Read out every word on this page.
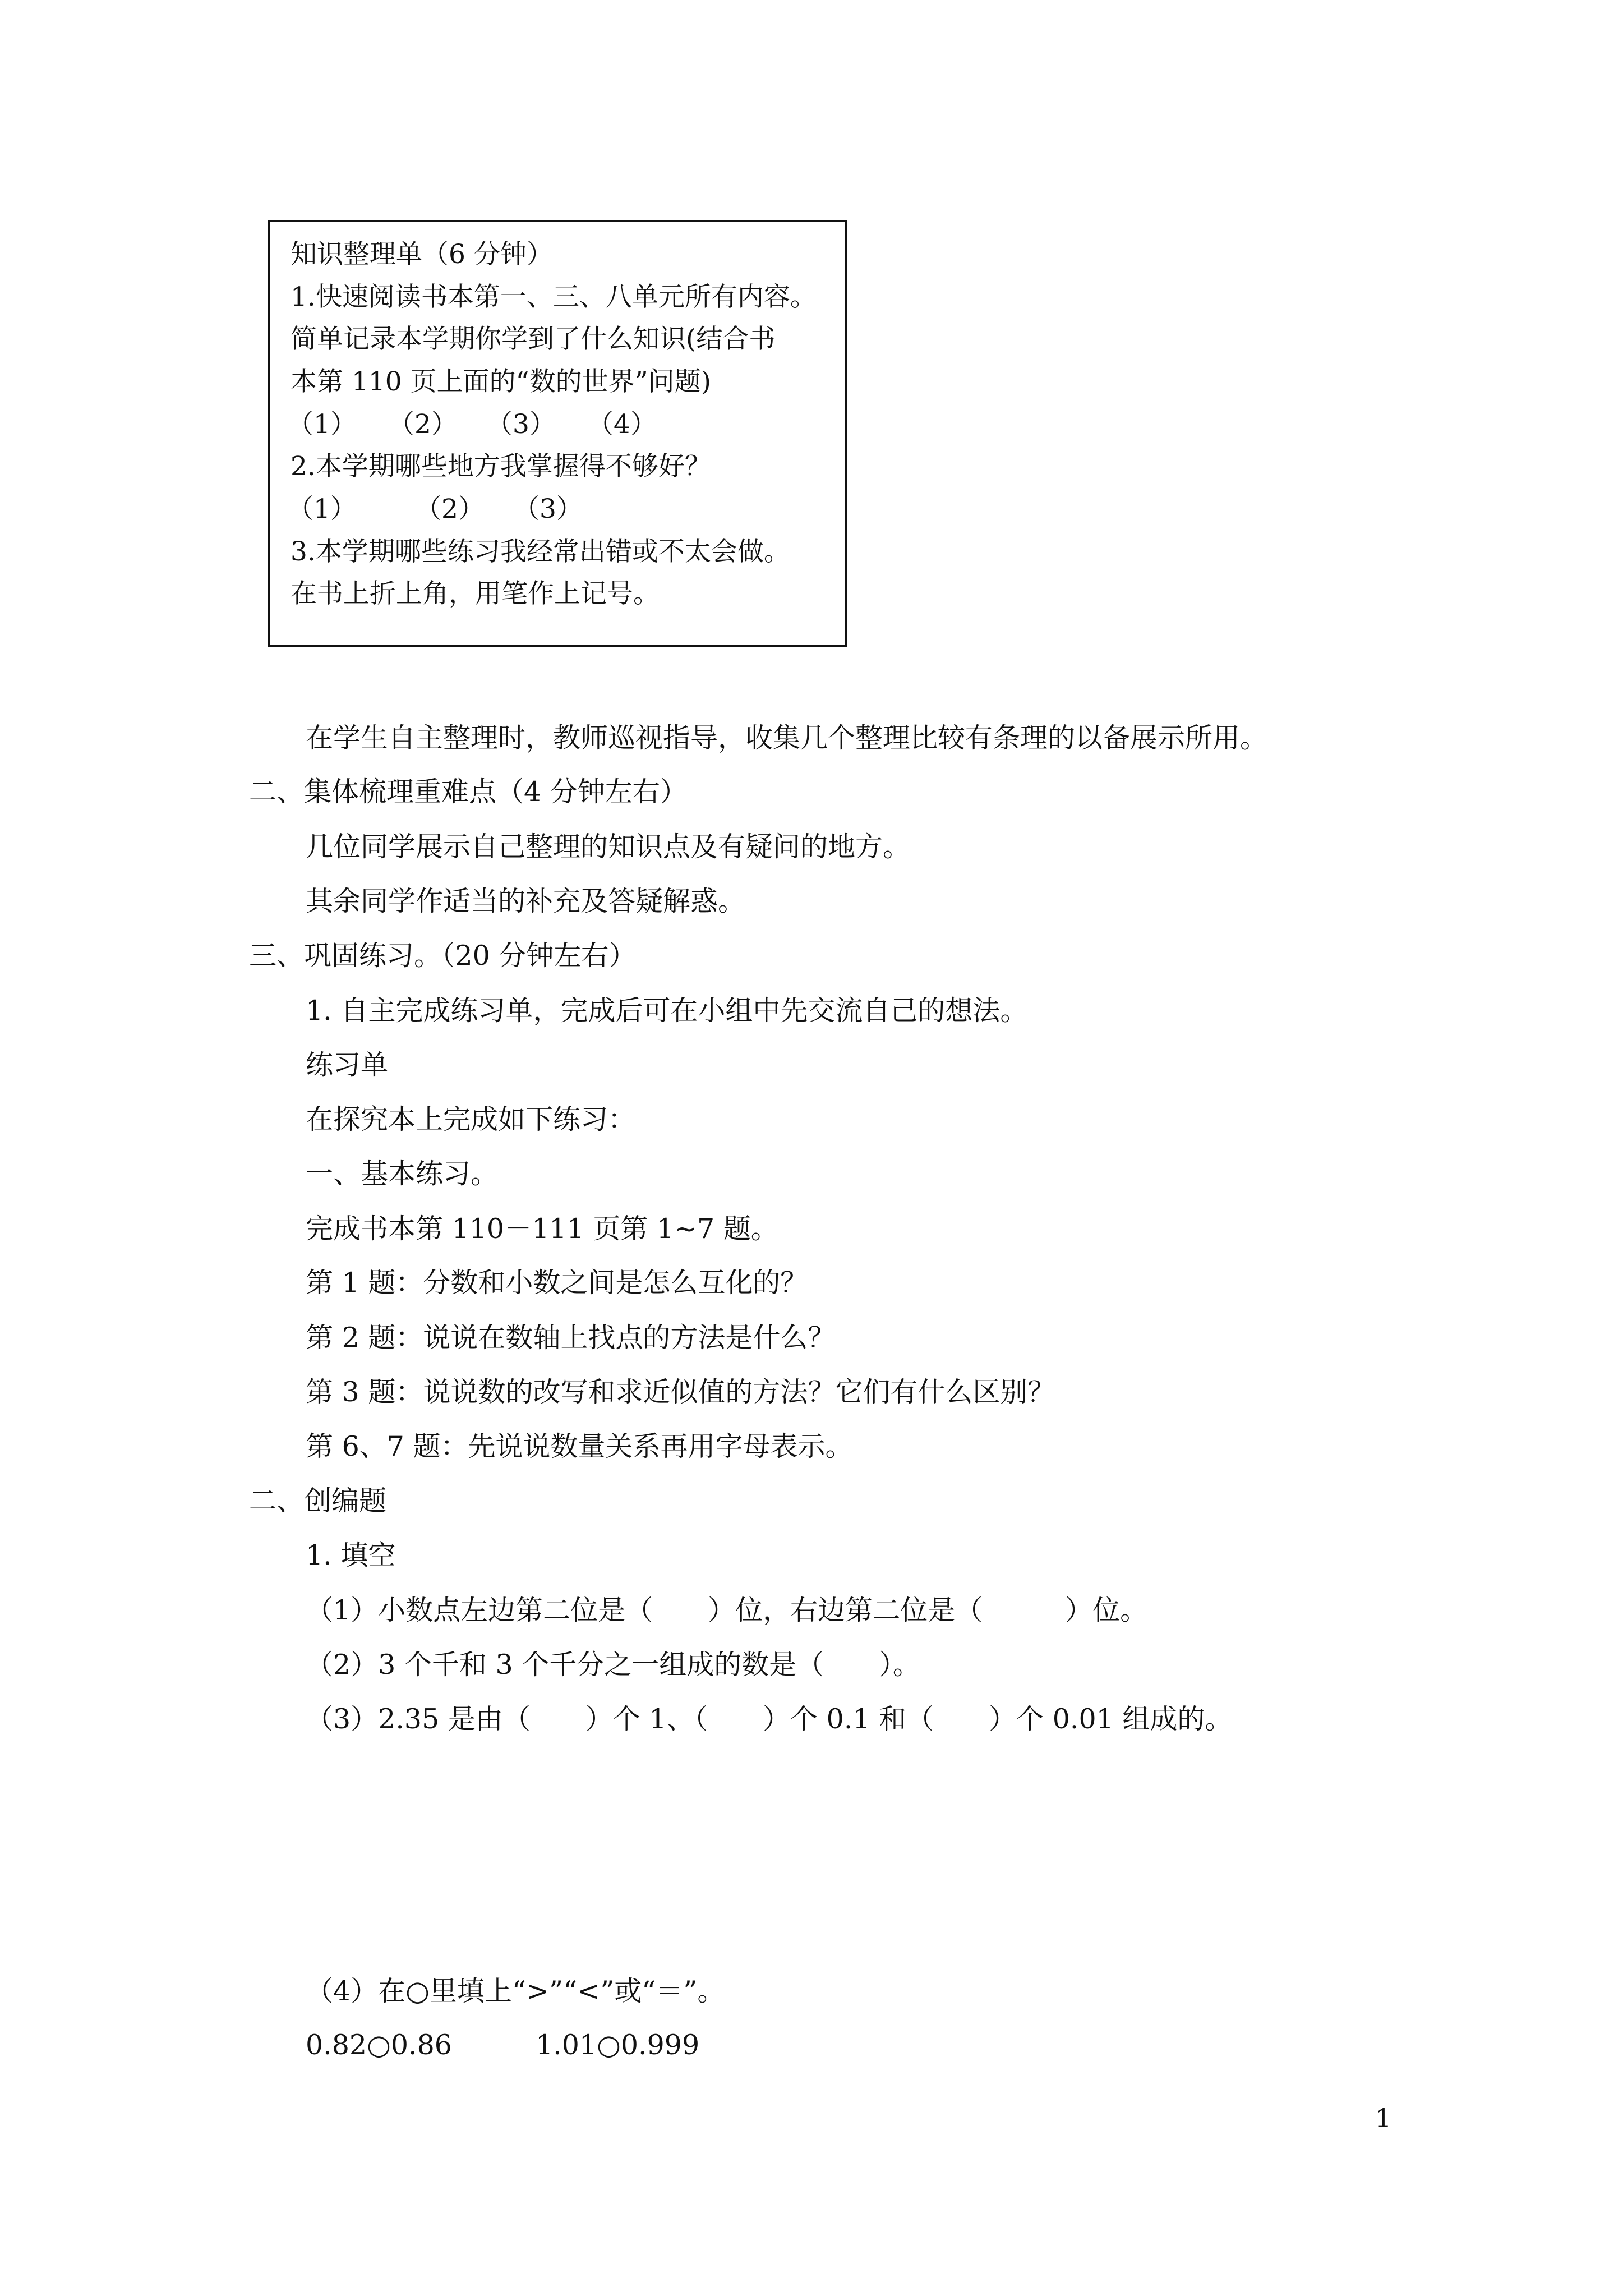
知识整理单（6 分钟）
1.快速阅读书本第一、三、八单元所有内容。
简单记录本学期你学到了什么知识(结合书
本第 110 页上面的“数的世界”问题)
（1） （2） （3） （4）
2.本学期哪些地方我掌握得不够好？
（1） （2） （3）
3.本学期哪些练习我经常出错或不太会做。
在书上折上角，用笔作上记号。
在学生自主整理时，教师巡视指导，收集几个整理比较有条理的以备展示所用。
二、集体梳理重难点（4 分钟左右）
几位同学展示自己整理的知识点及有疑问的地方。
其余同学作适当的补充及答疑解惑。
三、巩固练习。（20 分钟左右）
1. 自主完成练习单，完成后可在小组中先交流自己的想法。
练习单
在探究本上完成如下练习：
一、基本练习。
完成书本第 110－111 页第 1~7 题。
第 1 题：分数和小数之间是怎么互化的？
第 2 题：说说在数轴上找点的方法是什么？
第 3 题：说说数的改写和求近似值的方法？它们有什么区别？
第 6、7 题：先说说数量关系再用字母表示。
二、创编题
1. 填空
（1）小数点左边第二位是（　　）位，右边第二位是（　　　）位。
（2）3 个千和 3 个千分之一组成的数是（　　）。
（3）2.35 是由（　　）个 1、（　　）个 0.1 和（　　）个 0.01 组成的。
（4）在○里填上“>”“<”或“＝”。
0.82○0.86	1.01○0.999
1
